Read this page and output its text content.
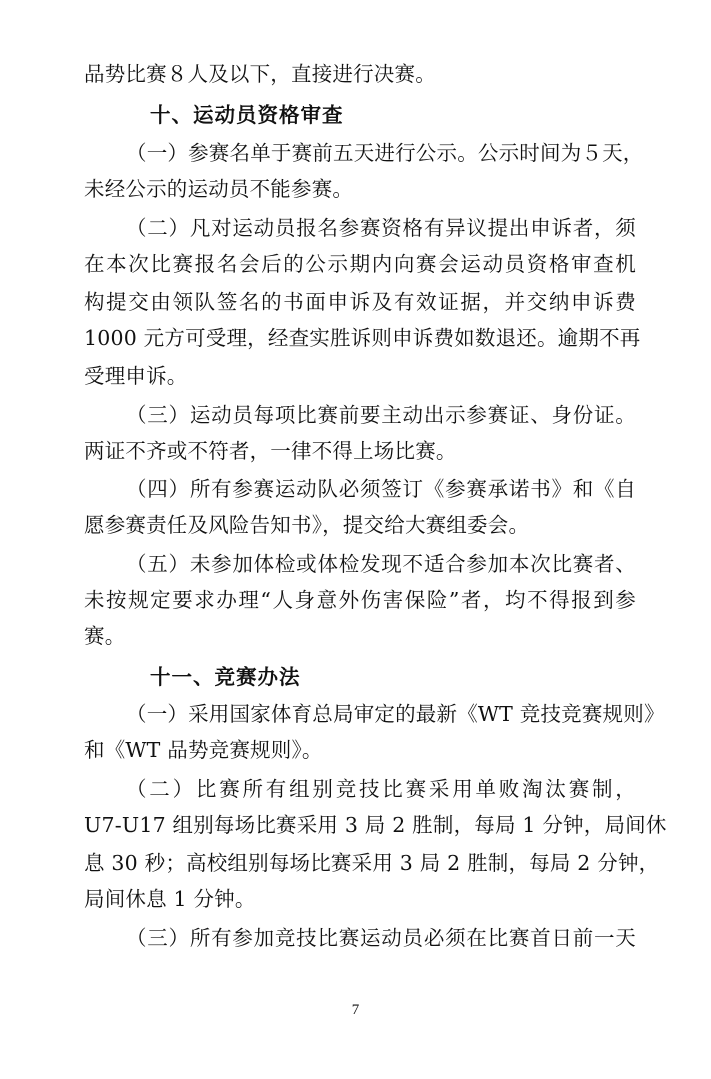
品势比赛８人及以下，直接进行决赛。
十、运动员资格审查
（一）参赛名单于赛前五天进行公示。公示时间为５天，
未经公示的运动员不能参赛。
（二）凡对运动员报名参赛资格有异议提出申诉者，须
在本次比赛报名会后的公示期内向赛会运动员资格审查机
构提交由领队签名的书面申诉及有效证据，并交纳申诉费
1000 元方可受理，经查实胜诉则申诉费如数退还。逾期不再
受理申诉。
（三）运动员每项比赛前要主动出示参赛证、身份证。
两证不齐或不符者，一律不得上场比赛。
（四）所有参赛运动队必须签订《参赛承诺书》和《自
愿参赛责任及风险告知书》，提交给大赛组委会。
（五）未参加体检或体检发现不适合参加本次比赛者、
未按规定要求办理“人身意外伤害保险”者，均不得报到参
赛。
十一、竞赛办法
（一）采用国家体育总局审定的最新《WT 竞技竞赛规则》
和《WT 品势竞赛规则》。
（二）比赛所有组别竞技比赛采用单败淘汰赛制，
U7-U17 组别每场比赛采用 3 局 2 胜制，每局 1 分钟，局间休
息 30 秒；高校组别每场比赛采用 3 局 2 胜制，每局 2 分钟，
局间休息 1 分钟。
（三）所有参加竞技比赛运动员必须在比赛首日前一天
7
